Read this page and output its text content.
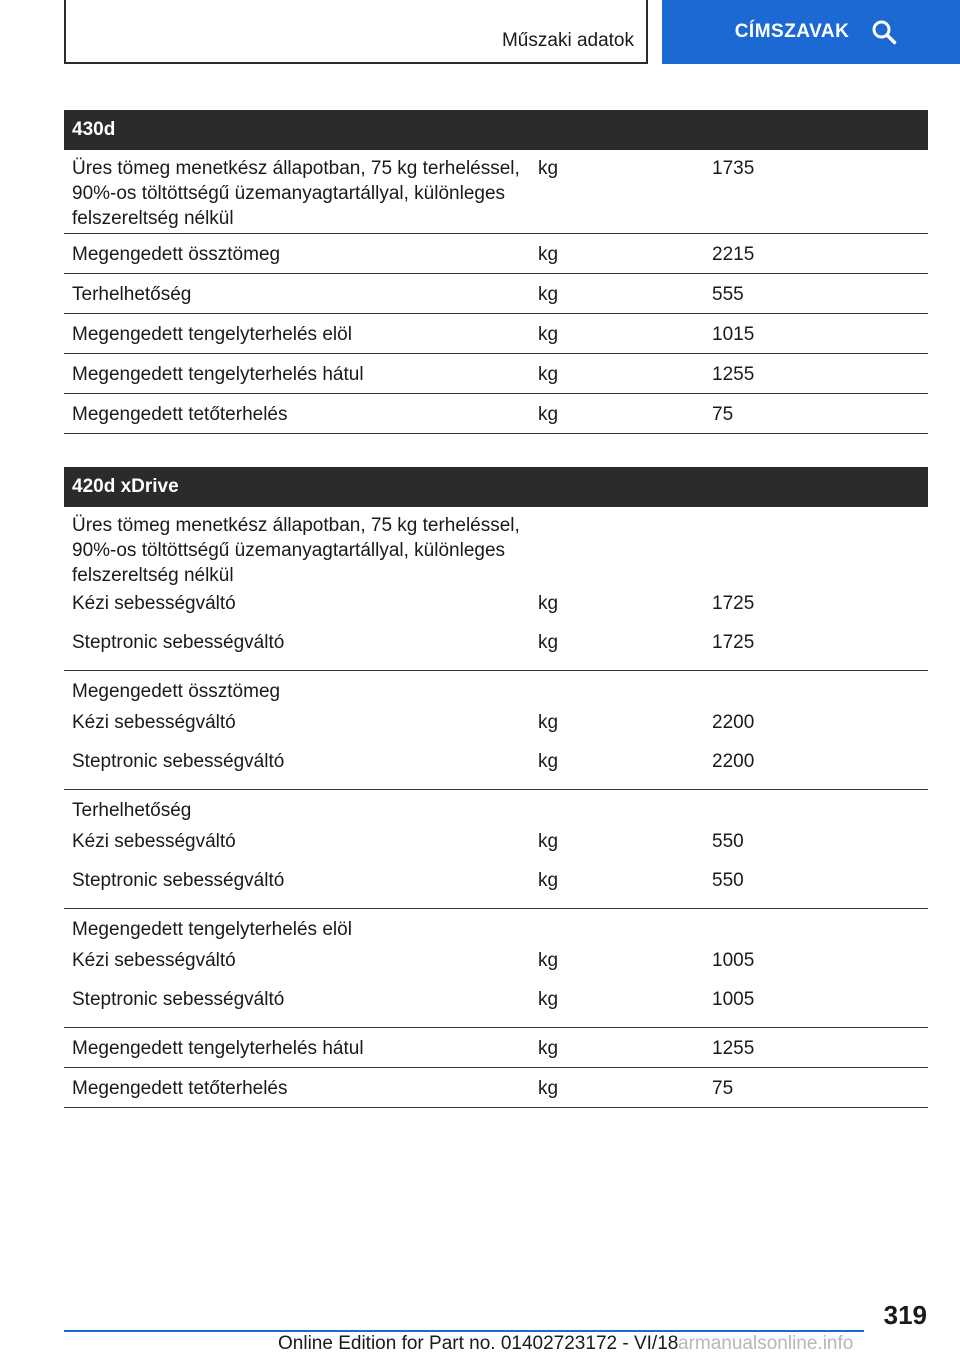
Műszaki adatok	CÍMSZAVAK
430d
Üres tömeg menetkész állapotban, 75 kg terheléssel, 90%-os töltöttségű üzemanyagtartállyal, különleges felszereltség nélkül
kg	1735
Megengedett össztömeg	kg	2215
Terhelhetőség	kg	555
Megengedett tengelyterhelés elöl	kg	1015
Megengedett tengelyterhelés hátul	kg	1255
Megengedett tetőterhelés	kg	75
420d xDrive
Üres tömeg menetkész állapotban, 75 kg terheléssel, 90%-os töltöttségű üzemanyagtartállyal, különleges felszereltség nélkül
Kézi sebességváltó	kg	1725
Steptronic sebességváltó	kg	1725
Megengedett össztömeg
Kézi sebességváltó	kg	2200
Steptronic sebességváltó	kg	2200
Terhelhetőség
Kézi sebességváltó	kg	550
Steptronic sebességváltó	kg	550
Megengedett tengelyterhelés elöl
Kézi sebességváltó	kg	1005
Steptronic sebességváltó	kg	1005
Megengedett tengelyterhelés hátul	kg	1255
Megengedett tetőterhelés	kg	75
319
Online Edition for Part no. 01402723172 - VI/18 armanualsonline.info
